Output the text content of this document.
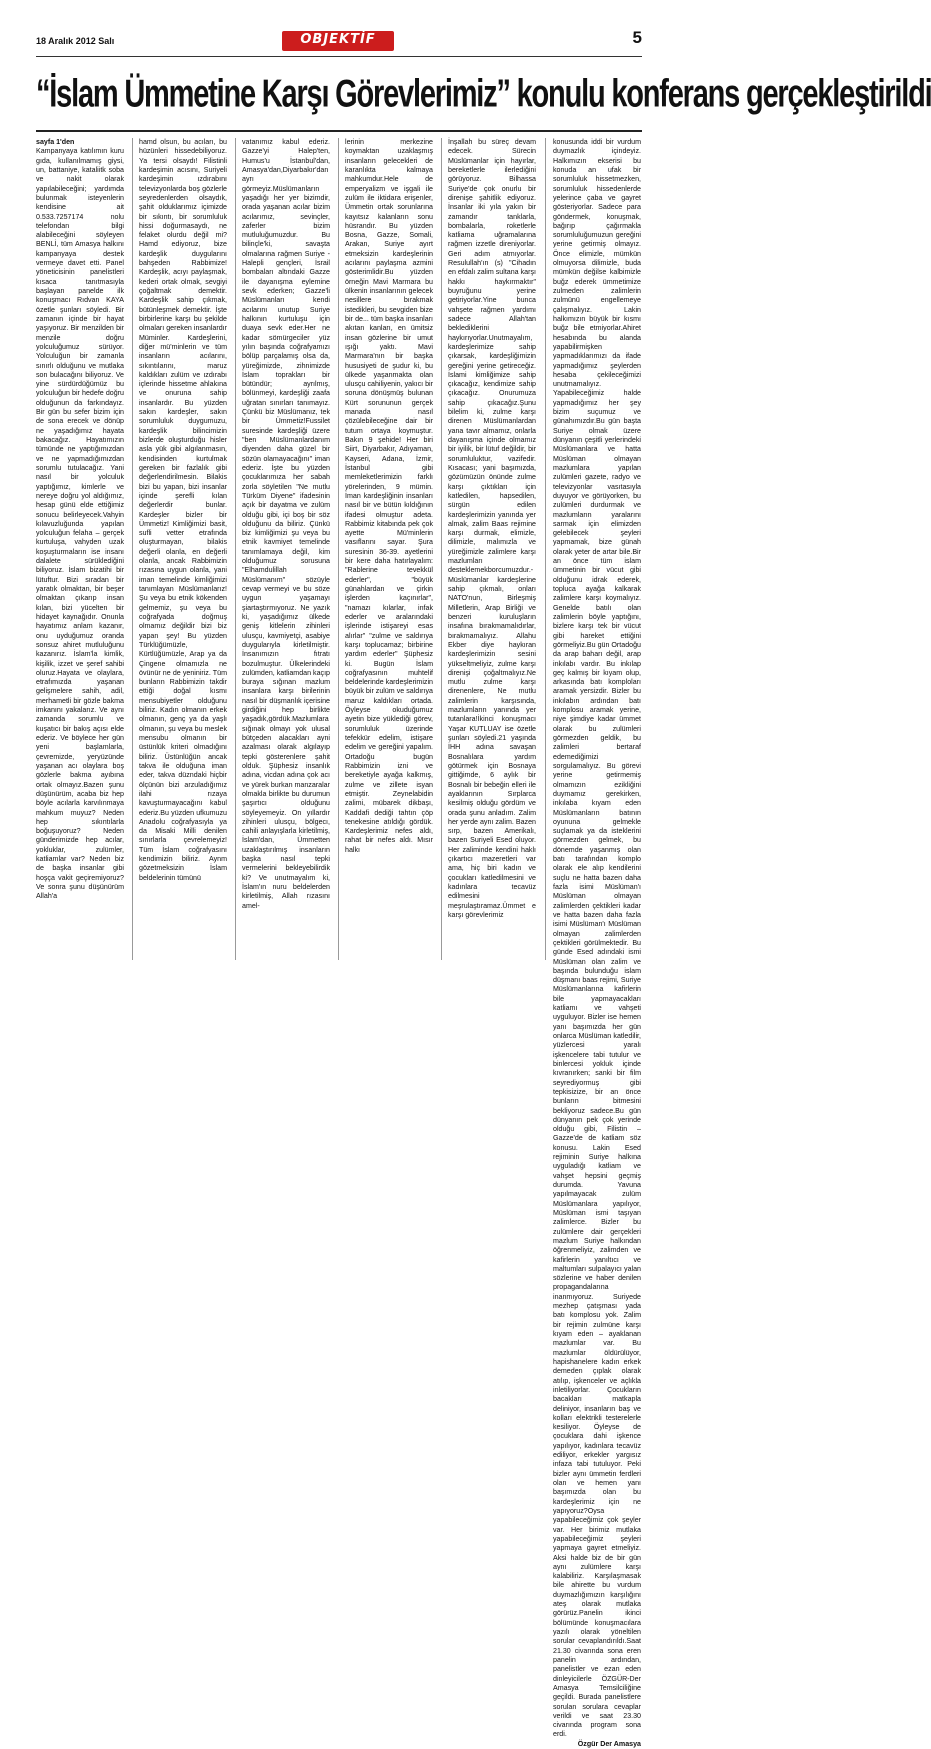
18 Aralık 2012 Salı	OBJEKTİF	5
“İslam Ümmetine Karşı Görevlerimiz” konulu konferans gerçekleştirildi

sayfa 1'den

Kampanyaya katılımın kuru gıda, kullanılmamış giysi, un, battaniye, kataliitk soba ve nakit olarak yapılabileceğini; yardımda bulunmak isteyenlerin kendisine ait 0.533.7257174 nolu telefondan bilgi alabileceğini söyleyen BENLİ, tüm Amasya halkını kampanyaya destek vermeye davet etti. Panel yöneticisinin panelistleri kısaca tanıtmasıyla başlayan panelde ilk konuşmacı Rıdvan KAYA özetle şunları söyledi. Bir zamanın içinde bir hayat yaşıyoruz. Bir menzilden bir menzile doğru yolculuğumuz sürüyor. Yolculuğun bir zamanla sınırlı olduğunu ve mutlaka son bulacağını biliyoruz. Ve yine sürdürdüğümüz bu yolculuğun bir hedefe doğru olduğunun da farkındayız. Bir gün bu sefer bizim için de sona erecek ve dönüp ne yaşadığımız hayata bakacağız. Hayatımızın tümünde ne yaptığımızdan ve ne yapmadığımızdan sorumlu tutulacağız. Yani nasıl bir yolculuk yaptığımız, kimlerle ve nereye doğru yol aldığımız, hesap günü elde ettiğimiz sonucu belirleyecek.Vahyin kılavuzluğunda yapılan yolculuğun felaha – gerçek kurtuluşa, vahyden uzak koşuşturmaların ise insanı dalalete sürüklediğini biliyoruz. İslam bizatihi bir lütuftur. Bizi sıradan bir yaratık olmaktan, bir beşer olmaktan çıkarıp insan kılan, bizi yücelten bir hidayet kaynağıdır. Onunla hayatımız anlam kazanır, onu uyduğumuz oranda sonsuz ahiret mutluluğunu kazanırız. İslam'la kimlik, kişilik, izzet ve şeref sahibi oluruz.Hayata ve olaylara, etrafımızda yaşanan gelişmelere sahih, adil, merhametli bir gözle bakma imkanını yakalarız. Ve aynı zamanda sorumlu ve kuşatıcı bir bakış açısı elde ederiz. Ve böylece her gün yeni başlamlarla, çevremizde, yeryüzünde yaşanan acı olaylara boş gözlerle bakma ayıbına ortak olmayız.Bazen şunu düşünürüm, acaba biz hep böyle acılarla karvılınmaya mahkum muyuz? Neden hep sıkıntılarla boğuşuyoruz? Neden günderimizde hep acılar, yokluklar, zulümler, katliamlar var? Neden biz de başka insanlar gibi hoşça vakit geçiremiyoruz?Ve sonra şunu düşünürüm Allah'a

hamd olsun, bu acıları, bu hüzünleri hissedebiliyoruz. Ya tersi olsaydı! Filistinli kardeşimin acısını, Suriyeli kardeşimin ızdırabını televizyonlarda boş gözlerle seyredenlerden olsaydık, şahit olduklarımız içimizde bir sıkıntı, bir sorumluluk hissi doğurmasaydı, ne felaket olurdu değil mi? Hamd ediyoruz, bize kardeşlik duygularını bahşeden Rabbimize! Kardeşlik, acıyı paylaşmak, kederi ortak olmak, sevgiyi çoğaltmak demektir. Kardeşlik sahip çıkmak, bütünleşmek demektir. İşte birbirlerine karşı bu şekilde olmaları gereken insanlardır Müminler. Kardeşlerini, diğer mü'minlerin ve tüm insanların acılarını, sıkıntılarını, maruz kaldıkları zulüm ve ızdırabı içlerinde hissetme ahlakına ve onuruna sahip insanlardır. Bu yüzden sakın kardeşler, sakın sorumluluk duygumuzu, kardeşlik bilincimizin bizlerde oluşturduğu hisler asla yük gibi algılanmasın, kendisinden kurtulmak gereken bir fazlalık gibi değerlendirilmesin. Bilakis bizi bu yapan, bizi insanlar içinde şerefli kılan değerlerdir bunlar. Kardeşler bizler bir Ümmetiz! Kimliğimizi basit, sufli vetter etrafında oluşturmayan, bilakis değerli olanla, en değerli olanla, ancak Rabbimizin rızasına uygun olanla, yani iman temelinde kimliğimizi tanımlayan Müslümanlarız! Şu veya bu etnik kökenden gelmemiz, şu veya bu coğrafyada doğmuş olmamız değildir bizi biz yapan şey! Bu yüzden Türklüğümüzle, Kürtlüğümüzle, Arap ya da Çingene olmamızla ne övünür ne de yeniniriz. Tüm bunların Rabbimizin takdir ettiği doğal kısmı mensubiyetler olduğunu biliriz. Kadın olmanın erkek olmanın, genç ya da yaşlı olmanın, şu veya bu meslek mensubu olmanın bir üstünlük kriteri olmadığını biliriz. Üstünlüğün ancak takva ile olduğuna iman eder, takva düzndaki hiçbir ölçünün bizi arzuladığımız ilahi rızaya kavuşturmayacağını kabul ederiz.Bu yüzden ufkumuzu Anadolu coğrafyasıyla ya da Misaki Milli denilen sınırlarla çevrelemeyiz! Tüm İslam coğrafyasını kendimizin biliriz. Aynm gözetmeksizin İslam beldelerinin tümünü

vatanımız kabul ederiz. Gazze'yi Halep'ten, Humus'u İstanbul'dan, Amasya'dan,Diyarbakır'dan ayrı görmeyiz.Müslümanların yaşadığı her yer bizimdir, orada yaşanan acılar bizim acılarımız, sevinçler, zaferler bizim mutluluğumuzdur. Bu bilinçle'ki, savaşta olmalarına rağmen Suriye - Halepli gençleri, İsrail bombaları altındaki Gazze ile dayanışma eylemine sevk ederken; Gazze'li Müslümanları kendi acılarını unutup Suriye halkının kurtuluşu için duaya sevk eder.Her ne kadar sömürgeciler yüz yılın başında coğrafyamızı bölüp parçalamış olsa da, yüreğimizde, zihnimizde İslam toprakları bir bütündür; ayrılmış, bölünmeyi, kardeşliği zaafa uğratan sınırları tanımayız. Çünkü biz Müslümanız, tek bir Ümmetiz!Fussilet suresinde kardeşliği üzere "ben Müslümanlardanım diyenden daha güzel bir sözün olamayacağını" iman ederiz. İşte bu yüzden çocuklarımıza her sabah zorla söyletilen "Ne mutlu Türküm Diyene" ifadesinin açık bir dayatma ve zulüm olduğu gibi, içi boş bir söz olduğunu da biliriz. Çünkü biz kimliğimizi şu veya bu etnik kavmiyet temelinde tanımlamaya değil, kim olduğumuz sorusuna "Elhamdulillah Müslümanım" sözüyle cevap vermeyi ve bu söze uygun yaşamayı şiartaştırmıyoruz. Ne yazık ki, yaşadığımız ülkede geniş kitlelerin zihinleri ulusçu, kavmiyetçi, asabiye duygularıyla kirletilmiştir. İnsanımızın fıtratı bozulmuştur. Ülkelerindeki zulümden, katliamdan kaçıp buraya sığınan mazlum insanlara karşı birilerinin nasıl bir düşmanlık içerisine girdiğini hep birlikte yaşadık,gördük.Mazlumlara sığınak olmayı yok ulusal bütçeden alacakları ayni azalması olarak algılayıp tepki gösterenlere şahit olduk. Şüphesiz insanlık adına, vicdan adına çok acı ve yürek burkan manzaralar olmakla birlikte bu durumun şaşırtıcı olduğunu söyleyemeyiz. On yıllardır zihinleri ulusçu, bölgecı, cahili anlayışlarla kirletilmiş, İslam'dan, Ümmetten uzaklaştırılmış insanların başka nasıl tepki vermelerini bekleyebilirdik ki? Ve unutmayalım ki, İslam'ın nuru beldelerden kirletilmiş, Allah rızasını amel-

lerinin merkezine koymaktan uzaklaşmış insanların gelecekleri de karanlıkta kalmaya mahkumdur.Hele de emperyalizm ve işgali ile zulüm ile iktidara erişenler, Ümmetin ortak sorunlarına kayıtsız kalanların sonu hüsrandır. Bu yüzden Bosna, Gazze, Somali, Arakan, Suriye ayırt etmeksizin kardeşlerinin acılarını paylaşma azmini gösterimlidir.Bu yüzden örneğin Mavi Marmara bu ülkenin insanlarının gelecek nesillere bırakmak istedikleri, bu sevgiden bize bir de... tüm başka insanları akıtan kanları, en ümitsiz insan gözlerine bir umut ışığı yaktı. Mavi Marmara'nın bir başka hususiyeti de şudur ki, bu ülkede yaşanmakta olan ulusçu cahiliyenin, yakıcı bir soruna dönüşmüş bulunan Kürt sorununun gerçek manada nasıl çözülebileceğine dair bir tutum ortaya koymuştur. Bakın 9 şehide! Her biri Siirt, Diyarbakır, Adıyaman, Kayseri, Adana, İzmir, İstanbul gibi memleketlerimizin farklı yörelerinden, 9 mümin. İman kardeşliğinin insanları nasıl bir ve bütün kıldığının ifadesi olmuştur adeta. Rabbimiz kitabında pek çok ayette Mü'minlerin vasıflarını sayar. Şura suresinin 36-39. ayetlerini bir kere daha hatırlayalım: "Rablerine tevekkül ederler", "büyük günahlardan ve çirkin işlerden kaçınırlar", "namazı kılarlar, infak ederler ve aralarındaki işlerinde istişareyi esas alırlar" "zulme ve saldırıya karşı toplucamaz; birbirine yardım ederler" Şüphesiz ki. Bugün İslam coğrafyasının muhtelif beldelerinde kardeşlerimizin büyük bir zulüm ve saldırıya maruz kaldıkları ortada. Öyleyse okuduğumuz ayetin bize yüklediği görev, sorumluluk üzerinde tefekkür edelim, istişare edelim ve gereğini yapalım. Ortadoğu bugün Rabbimizin izni ve bereketiyle ayağa kalkmış, zulme ve zillete isyan etmiştir. Zeynelabidin zalimi, mübarek dikbaşı, Kaddafi dediği tahtın çöp tenekesine atıldığı gördük. Kardeşlerimiz nefes aldı, rahat bir nefes aldı. Mısır halkı

İnşallah bu süreç devam edecek. Sürecin Müslümanlar için hayırlar, bereketlerle ilerlediğini görüyoruz. Bilhassa Suriye'de çok onurlu bir direnişe şahitlik ediyoruz. İnsanlar iki yıla yakın bir zamandır tanklarla, bombalarla, roketlerle katliama uğramalarına rağmen izzetle direniyorlar. Geri adım atmıyorlar. Resulullah'ın (s) "Cihadın en efdalı zalim sultana karşı hakkı haykırmaktır" buyruğunu yerine getiriyorlar.Yine bunca vahşete rağmen yardımı sadece Allah'tan beklediklerini haykırıyorlar.Unutmayalım, kardeşlerimize sahip çıkarsak, kardeşliğimizin gereğini yerine getireceğiz. İslami kimliğimize sahip çıkacağız, kendimize sahip çıkacağız. Onurumuza sahip çıkacağız.Şunu bilelim ki, zulme karşı direnen Müslümanlardan yana tavır almamız, onlarla dayanışma içinde olmamız bir iyilik, bir lütuf değildir, bir sorumluluktur, vazifedir. Kısacası; yani başımızda, gözümüzün önünde zulme karşı çıktıkları için katledilen, hapsedilen, sürgün edilen kardeşlerimizin yanında yer almak, zalim Baas rejimine karşı durmak, elimizle, dilimizle, malımızla ve yüreğimizle zalimlere karşı mazlumları desteklemekborcumuzdur.-Müslümanlar kardeşlerine sahip çıkmalı, onları NATO'nun, Birleşmiş Milletlerin, Arap Birliği ve benzeri kuruluşların insafına bırakmamalıdırlar, bırakmamalıyız. Allahu Ekber diye haykıran kardeşlerimizin sesini yükseltmeliyiz, zulme karşı direnişi çoğaltmalıyız.Ne mutlu zulme karşı direnenlere, Ne mutlu zalimlerin karşısında, mazlumların yanında yer tutanlara!İkinci konuşmacı Yaşar KUTLUAY ise özetle şunları söyledi.21 yaşında İHH adına savaşan Bosnalılara yardım götürmek için Bosnaya gittiğimde, 6 aylık bir Bosnalı bir bebeğin elleri ile ayaklarının Sırplarca kesilmiş olduğu gördüm ve orada şunu anladım. Zalim her yerde aynı zalim. Bazen sırp, bazen Amerikalı, bazen Suriyeli Esed oluyor. Her zaliminde kendini haklı çıkartıcı mazeretleri var ama, hiç biri kadın ve çocukları katledilmesini ve kadınlara tecavüz edilmesini meşrulaştıramaz.Ümmet e karşı görevlerimiz

konusunda iddi bir vurdum duymazlık içindeyiz. Halkımızın ekserisi bu konuda an ufak bir sorumluluk hissetmezken, sorumluluk hissedenlerde yelerince çaba ve gayret gösteriyorlar. Sadece para göndermek, konuşmak, bağırıp çağırmakla sorumluluğumuzun gereğini yerine getirmiş olmayız. Önce elimizle, mümkün olmuyorsa dilimizle, buda mümkün değilse kalbimizle buğz ederek ümmetimize zulmeden zalimlerin zulmünü engellemeye çalışmalıyız. Lakin halkımızın büyük bir kısmı buğz bile etmiyorlar.Ahiret hesabında bu alanda yapabilirmişken yapmadıklarımızı da ifade yapmadığımız şeylerden hesaba çekileceğimizi unutmamalıyız. Yapabileceğimiz halde yapmadığımız her şey bizim suçumuz ve günahımızdır.Bu gün başta Suriye olmak üzere dünyanın çeşitli yerlerindeki Müslümanlara ve hatta Müslüman olmayan mazlumlara yapılan zulümleri gazete, radyo ve televizyonlar vasıtasıyla duyuyor ve görüyorken, bu zulümleri durdurmak ve mazlumların yaralarını sarmak için elimizden gelebilecek şeyleri yapmamak, bize günah olarak yeter de artar bile.Bir an önce tüm islam ümmetinin bir vücut gibi olduğunu idrak ederek, topluca ayağa kalkarak zalimlere karşı koymalıyız. Genelde batılı olan zalimlerin böyle yaptığını, bizlere karşı tek bir vücut gibi hareket ettiğini görmeliyiz.Bu gün Ortadoğu da arap baharı değil, arap inkılabı vardır. Bu inkılap geç kalmış bir kıyam olup, arkasında batı komploları aramak yersizdir. Bizler bu inkılabın ardından batı komplosu aramak yerine, niye şimdiye kadar ümmet olarak bu zulümleri görmezden geldik, bu zalimleri bertaraf edemediğimizi sorgulamalıyız. Bu görevi yerine getirmemiş olmamızın ezikliğini duymamız gerekirken, inkılaba kıyam eden Müslümanların batının oyununa gelmekle suçlamak ya da isteklerini görmezden gelmek, bu dönemde yaşanmış olan batı tarafından komplo olarak ele alıp kendilerini suçlu ne hatta bazen daha fazla isimi Müslüman'ı Müslüman olmayan zalimlerden çektikleri kadar ve hatta bazen daha fazla isimi Müslüman'ı Müslüman olmayan zalimlerden çektikleri görülmektedir. Bu günde Esed adındaki ismi Müslüman olan zalim ve başında bulunduğu islam düşmanı baas rejimi, Suriye Müslümanlarına kafirlerin bile yapmayacakları katliamı ve vahşeti uyguluyor. Bizler ise hemen yanı başımızda her gün onlarca Müslüman katledilir, yüzlercesi yaralı işkencelere tabi tutulur ve binlercesi yokluk içinde kıvranırken; sanki bir film seyrediyormuş gibi tepkisizize, bir an önce bunların bitmesini bekliyoruz sadece.Bu gün dünyanın pek çok yerinde olduğu gibi, Filistin – Gazze'de de katliam söz konusu. Lakin Esed rejiminin Suriye halkına uyguladığı katliam ve vahşet hepsini geçmiş durumda. Yavuna yapılmayacak zulüm Müslümanlara yapılıyor, Müslüman ismi taşıyan zalimlerce. Bizler bu zulümlere dair gerçekleri mazlum Suriye halkından öğrenmeliyiz, zalimden ve kafirlerin yanıltıcı ve maltumları sulpalayıcı yalan sözlerine ve haber denilen propagandalarına inanmıyoruz. Suriyede mezhep çatışması yada batı komplosu yok. Zalim bir rejimin zulmüne karşı kıyam eden – ayaklanan mazlumlar var. Bu mazlumlar öldürülüyor, hapishanelere kadın erkek demeden çıplak olarak atılıp, işkenceler ve açlıkla inletiliyorlar. Çocukların bacakları matkapla deliniyor, insanların baş ve kolları elektrikli testerelerle kesiliyor. Öyleyse de çocuklara dahi işkence yapılıyor, kadınlara tecavüz ediliyor, erkekler yargısız infaza tabi tutuluyor. Peki bizler aynı ümmetin ferdleri olan ve hemen yanı başımızda olan bu kardeşlerimiz için ne yapıyoruz?Oysa yapabileceğimiz çok şeyler var. Her birimiz mutlaka yapabileceğimiz şeyleri yapmaya gayret etmeliyiz. Aksi halde biz de bir gün aynı zulümlere karşı kalabiliriz. Karşılaşmasak bile ahirette bu vurdum duymazlığımızın karşılığını ateş olarak mutlaka görürüz.Panelin ikinci bölümünde konuşmacılara yazılı olarak yöneltilen sorular cevaplandırıldı.Saat 21.30 civarında sona eren panelin ardından, panelistler ve ezan eden dinleyicilerle ÖZGÜR-Der Amasya Temsilciliğine geçildi. Burada panelistlere sorulan sorulara cevaplar verildi ve saat 23.30 civarında program sona erdi.

Özgür Der Amasya
